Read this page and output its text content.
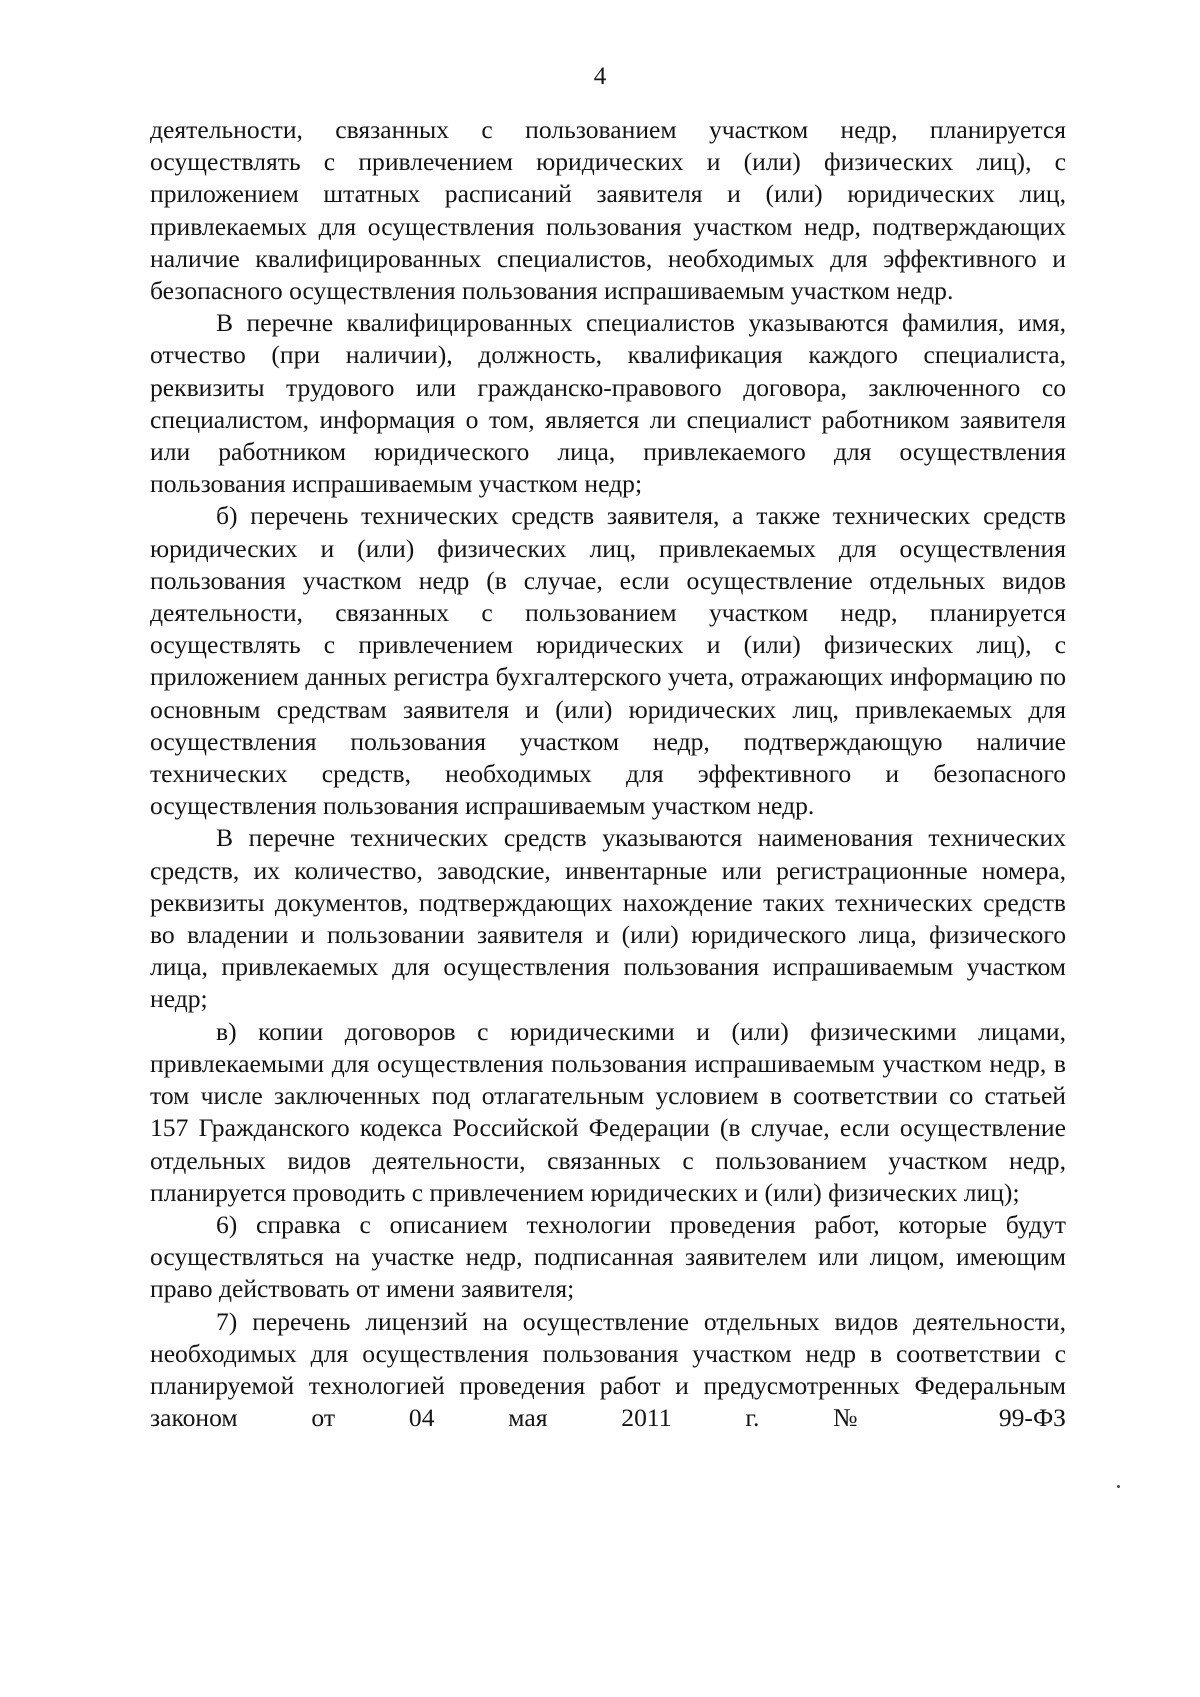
4

деятельности, связанных с пользованием участком недр, планируется осуществлять с привлечением юридических и (или) физических лиц), с приложением штатных расписаний заявителя и (или) юридических лиц, привлекаемых для осуществления пользования участком недр, подтверждающих наличие квалифицированных специалистов, необходимых для эффективного и безопасного осуществления пользования испрашиваемым участком недр.

В перечне квалифицированных специалистов указываются фамилия, имя, отчество (при наличии), должность, квалификация каждого специалиста, реквизиты трудового или гражданско-правового договора, заключенного со специалистом, информация о том, является ли специалист работником заявителя или работником юридического лица, привлекаемого для осуществления пользования испрашиваемым участком недр;

б) перечень технических средств заявителя, а также технических средств юридических и (или) физических лиц, привлекаемых для осуществления пользования участком недр (в случае, если осуществление отдельных видов деятельности, связанных с пользованием участком недр, планируется осуществлять с привлечением юридических и (или) физических лиц), с приложением данных регистра бухгалтерского учета, отражающих информацию по основным средствам заявителя и (или) юридических лиц, привлекаемых для осуществления пользования участком недр, подтверждающую наличие технических средств, необходимых для эффективного и безопасного осуществления пользования испрашиваемым участком недр.

В перечне технических средств указываются наименования технических средств, их количество, заводские, инвентарные или регистрационные номера, реквизиты документов, подтверждающих нахождение таких технических средств во владении и пользовании заявителя и (или) юридического лица, физического лица, привлекаемых для осуществления пользования испрашиваемым участком недр;

в) копии договоров с юридическими и (или) физическими лицами, привлекаемыми для осуществления пользования испрашиваемым участком недр, в том числе заключенных под отлагательным условием в соответствии со статьей 157 Гражданского кодекса Российской Федерации (в случае, если осуществление отдельных видов деятельности, связанных с пользованием участком недр, планируется проводить с привлечением юридических и (или) физических лиц);

6) справка с описанием технологии проведения работ, которые будут осуществляться на участке недр, подписанная заявителем или лицом, имеющим право действовать от имени заявителя;

7) перечень лицензий на осуществление отдельных видов деятельности, необходимых для осуществления пользования участком недр в соответствии с планируемой технологией проведения работ и предусмотренных Федеральным законом от 04 мая 2011 г. № 99-ФЗ
